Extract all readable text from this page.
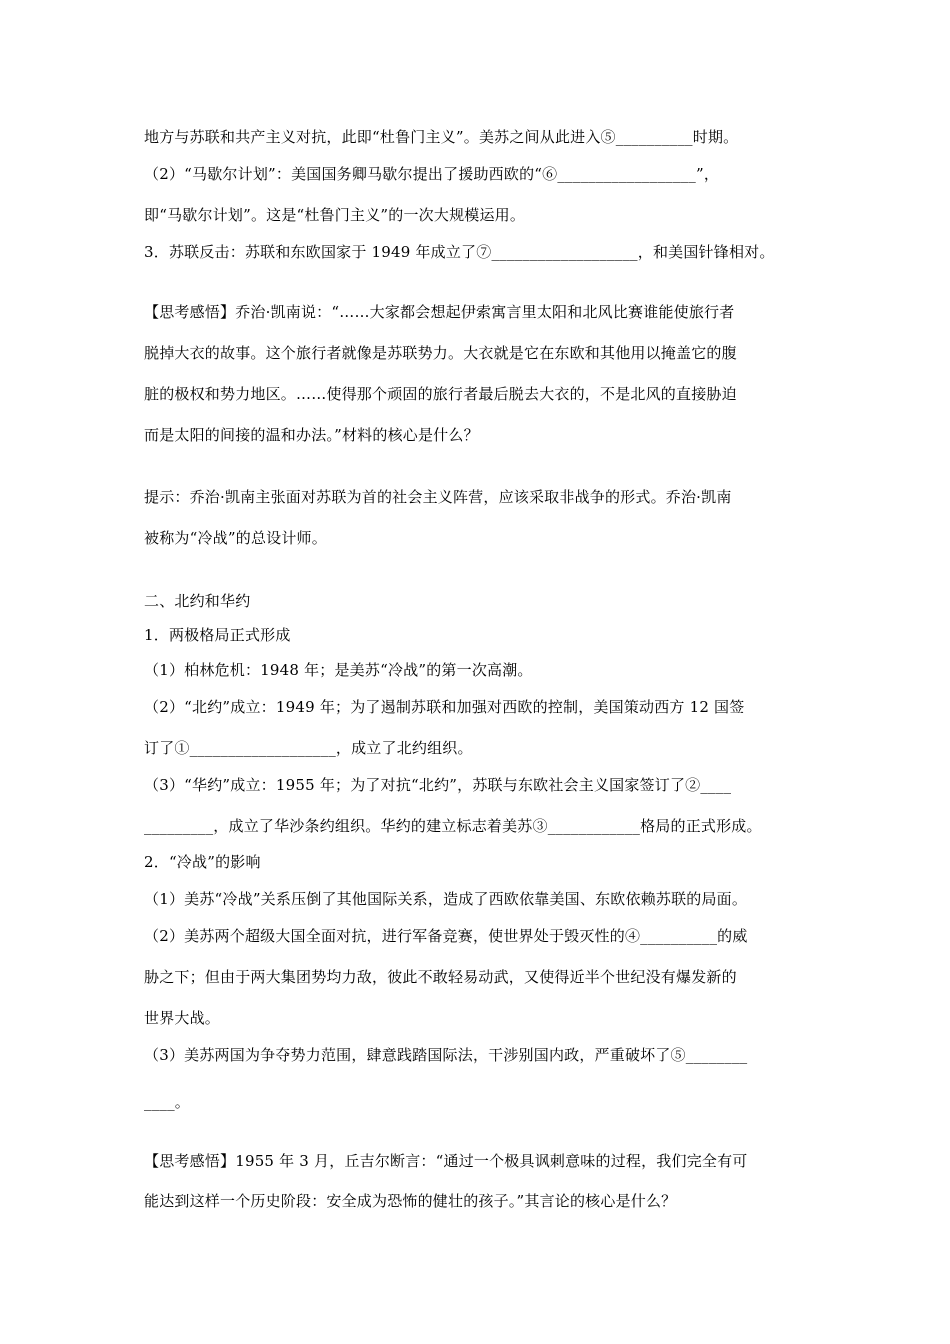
地方与苏联和共产主义对抗，此即“杜鲁门主义”。美苏之间从此进入⑤__________时期。
（2）“马歇尔计划”：美国国务卿马歇尔提出了援助西欧的“⑥__________________”，
即“马歇尔计划”。这是“杜鲁门主义”的一次大规模运用。
3．苏联反击：苏联和东欧国家于 1949 年成立了⑦___________________，和美国针锋相对。
【思考感悟】乔治·凯南说：“……大家都会想起伊索寓言里太阳和北风比赛谁能使旅行者
脱掉大衣的故事。这个旅行者就像是苏联势力。大衣就是它在东欧和其他用以掩盖它的腹
脏的极权和势力地区。……使得那个顽固的旅行者最后脱去大衣的，不是北风的直接胁迫
而是太阳的间接的温和办法。”材料的核心是什么？
提示：乔治·凯南主张面对苏联为首的社会主义阵营，应该采取非战争的形式。乔治·凯南
被称为“冷战”的总设计师。
二、北约和华约
1．两极格局正式形成
（1）柏林危机：1948 年；是美苏“冷战”的第一次高潮。
（2）“北约”成立：1949 年；为了遏制苏联和加强对西欧的控制，美国策动西方 12 国签
订了①___________________，成立了北约组织。
（3）“华约”成立：1955 年；为了对抗“北约”，苏联与东欧社会主义国家签订了②____
_________，成立了华沙条约组织。华约的建立标志着美苏③____________格局的正式形成。
2．“冷战”的影响
（1）美苏“冷战”关系压倒了其他国际关系，造成了西欧依靠美国、东欧依赖苏联的局面。
（2）美苏两个超级大国全面对抗，进行军备竞赛，使世界处于毁灭性的④__________的威
胁之下；但由于两大集团势均力敌，彼此不敢轻易动武，又使得近半个世纪没有爆发新的
世界大战。
（3）美苏两国为争夺势力范围，肆意践踏国际法，干涉别国内政，严重破坏了⑤________
____。
【思考感悟】1955 年 3 月，丘吉尔断言：“通过一个极具讽刺意味的过程，我们完全有可
能达到这样一个历史阶段：安全成为恐怖的健壮的孩子。”其言论的核心是什么？
